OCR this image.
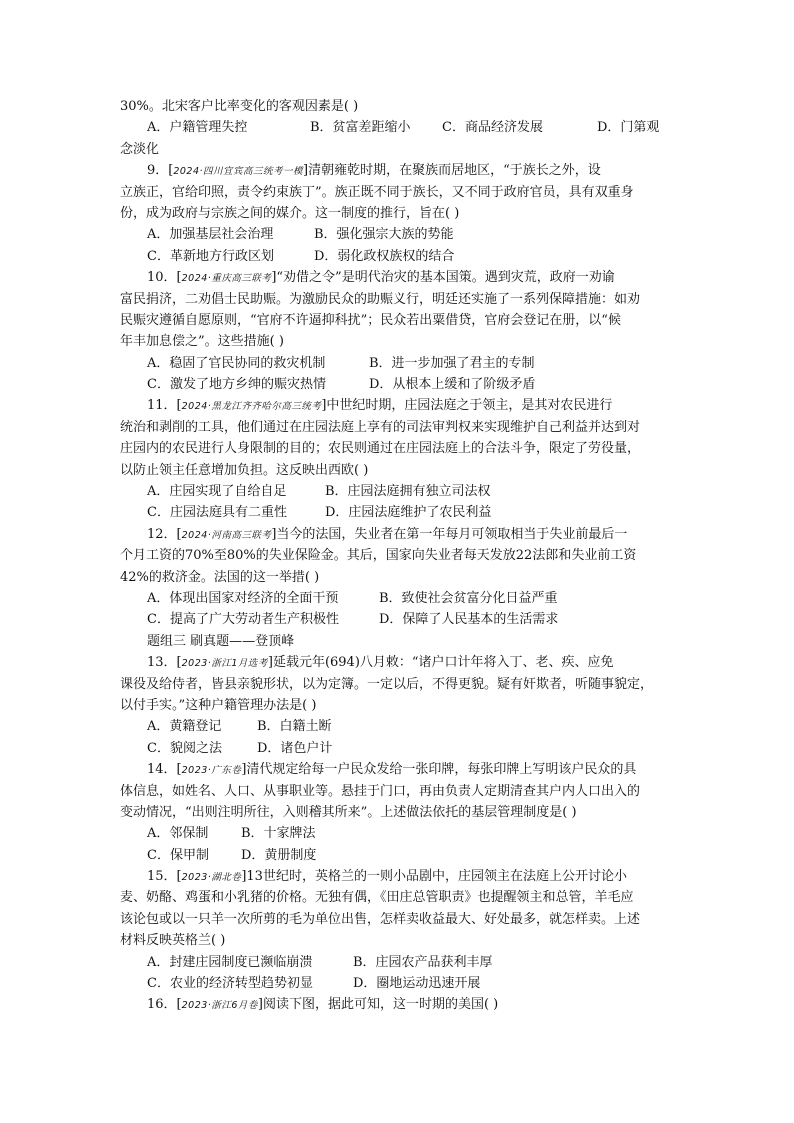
30%。北宋客户比率变化的客观因素是( )
A．户籍管理失控	B．贫富差距缩小	C．商品经济发展	D．门第观
念淡化
9．[2024·四川宜宾高三统考一模]清朝雍乾时期，在聚族而居地区，“于族长之外，设
立族正，官给印照，责令约束族丁”。族正既不同于族长，又不同于政府官员，具有双重身
份，成为政府与宗族之间的媒介。这一制度的推行，旨在( )
A．加强基层社会治理	B．强化强宗大族的势能
C．革新地方行政区划	D．弱化政权族权的结合
10．[2024·重庆高三联考]“劝借之令”是明代治灾的基本国策。遇到灾荒，政府一劝谕
富民捐济，二劝倡士民助赈。为激励民众的助赈义行，明廷还实施了一系列保障措施：如劝
民赈灾遵循自愿原则，“官府不许逼抑科扰”；民众若出粟借贷，官府会登记在册，以“候
年丰加息偿之”。这些措施( )
A．稳固了官民协同的救灾机制	B．进一步加强了君主的专制
C．激发了地方乡绅的赈灾热情	D．从根本上缓和了阶级矛盾
11．[2024·黑龙江齐齐哈尔高三统考]中世纪时期，庄园法庭之于领主，是其对农民进行
统治和剥削的工具，他们通过在庄园法庭上享有的司法审判权来实现维护自己利益并达到对
庄园内的农民进行人身限制的目的；农民则通过在庄园法庭上的合法斗争，限定了劳役量，
以防止领主任意增加负担。这反映出西欧( )
A．庄园实现了自给自足	B．庄园法庭拥有独立司法权
C．庄园法庭具有二重性	D．庄园法庭维护了农民利益
12．[2024·河南高三联考]当今的法国，失业者在第一年每月可领取相当于失业前最后一
个月工资的70%至80%的失业保险金。其后，国家向失业者每天发放22法郎和失业前工资
42%的救济金。法国的这一举措( )
A．体现出国家对经济的全面干预	B．致使社会贫富分化日益严重
C．提高了广大劳动者生产积极性	D．保障了人民基本的生活需求
题组三 刷真题——登顶峰
13．[2023·浙江1月选考]延载元年(694)八月敕：“诸户口计年将入丁、老、疾、应免
课役及给侍者，皆县亲貌形状，以为定簿。一定以后，不得更貌。疑有奸欺者，听随事貌定，
以付手实。”这种户籍管理办法是( )
A．黄籍登记	B．白籍土断
C．貌阅之法	D．诸色户计
14．[2023·广东卷]清代规定给每一户民众发给一张印牌，每张印牌上写明该户民众的具
体信息，如姓名、人口、从事职业等。悬挂于门口，再由负责人定期清查其户内人口出入的
变动情况，“出则注明所往，入则稽其所来”。上述做法依托的基层管理制度是( )
A．邻保制	B．十家牌法
C．保甲制	D．黄册制度
15．[2023·湖北卷]13世纪时，英格兰的一则小品剧中，庄园领主在法庭上公开讨论小
麦、奶酪、鸡蛋和小乳猪的价格。无独有偶，《田庄总管职责》也提醒领主和总管，羊毛应
该论包或以一只羊一次所剪的毛为单位出售，怎样卖收益最大、好处最多，就怎样卖。上述
材料反映英格兰( )
A．封建庄园制度已濒临崩溃	B．庄园农产品获利丰厚
C．农业的经济转型趋势初显	D．圈地运动迅速开展
16．[2023·浙江6月卷]阅读下图，据此可知，这一时期的美国( )
